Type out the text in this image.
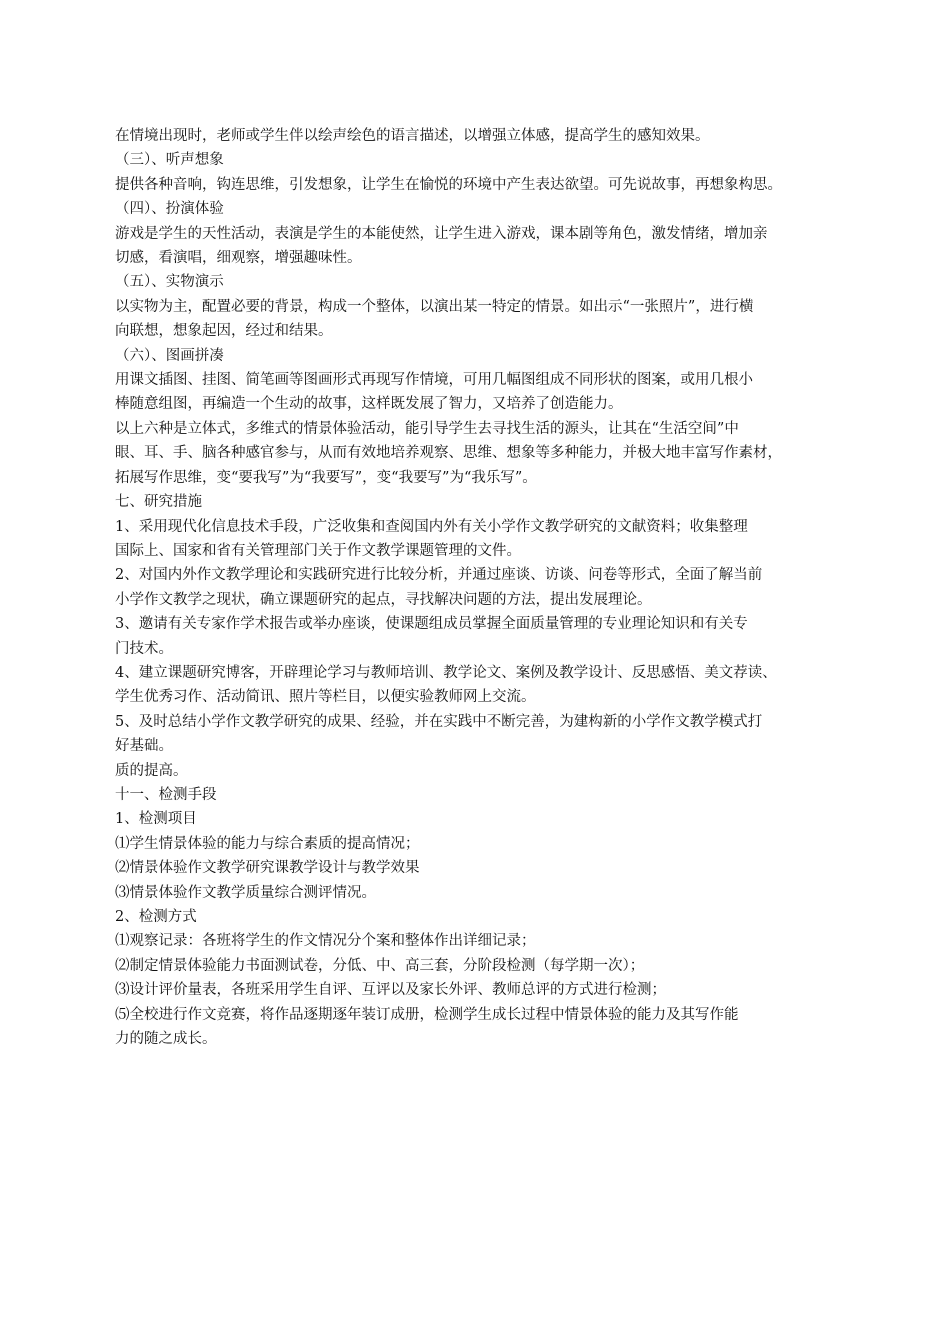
在情境出现时，老师或学生伴以绘声绘色的语言描述，以增强立体感，提高学生的感知效果。

（三）、听声想象

提供各种音响，钩连思维，引发想象，让学生在愉悦的环境中产生表达欲望。可先说故事，再想象构思。

（四）、扮演体验

游戏是学生的天性活动，表演是学生的本能使然，让学生进入游戏，课本剧等角色，激发情绪，增加亲

切感，看演唱，细观察，增强趣味性。

（五）、实物演示

以实物为主，配置必要的背景，构成一个整体，以演出某一特定的情景。如出示“一张照片”，进行横

向联想，想象起因，经过和结果。

（六）、图画拼凑

用课文插图、挂图、简笔画等图画形式再现写作情境，可用几幅图组成不同形状的图案，或用几根小

棒随意组图，再编造一个生动的故事，这样既发展了智力，又培养了创造能力。

以上六种是立体式，多维式的情景体验活动，能引导学生去寻找生活的源头，让其在“生活空间”中

眼、耳、手、脑各种感官参与，从而有效地培养观察、思维、想象等多种能力，并极大地丰富写作素材，

拓展写作思维，变“要我写”为“我要写”，变“我要写”为“我乐写”。

七、研究措施

1、采用现代化信息技术手段，广泛收集和查阅国内外有关小学作文教学研究的文献资料；收集整理

国际上、国家和省有关管理部门关于作文教学课题管理的文件。

2、对国内外作文教学理论和实践研究进行比较分析，并通过座谈、访谈、问卷等形式，全面了解当前

小学作文教学之现状，确立课题研究的起点，寻找解决问题的方法，提出发展理论。

3、邀请有关专家作学术报告或举办座谈，使课题组成员掌握全面质量管理的专业理论知识和有关专

门技术。

4、建立课题研究博客，开辟理论学习与教师培训、教学论文、案例及教学设计、反思感悟、美文荐读、

学生优秀习作、活动简讯、照片等栏目，以便实验教师网上交流。

5、及时总结小学作文教学研究的成果、经验，并在实践中不断完善，为建构新的小学作文教学模式打

好基础。

质的提高。

十一、检测手段

1、检测项目

⑴学生情景体验的能力与综合素质的提高情况；

⑵情景体验作文教学研究课教学设计与教学效果

⑶情景体验作文教学质量综合测评情况。

2、检测方式

⑴观察记录：各班将学生的作文情况分个案和整体作出详细记录；

⑵制定情景体验能力书面测试卷，分低、中、高三套，分阶段检测（每学期一次）；

⑶设计评价量表，各班采用学生自评、互评以及家长外评、教师总评的方式进行检测；

⑸全校进行作文竞赛，将作品逐期逐年装订成册，检测学生成长过程中情景体验的能力及其写作能

力的随之成长。
